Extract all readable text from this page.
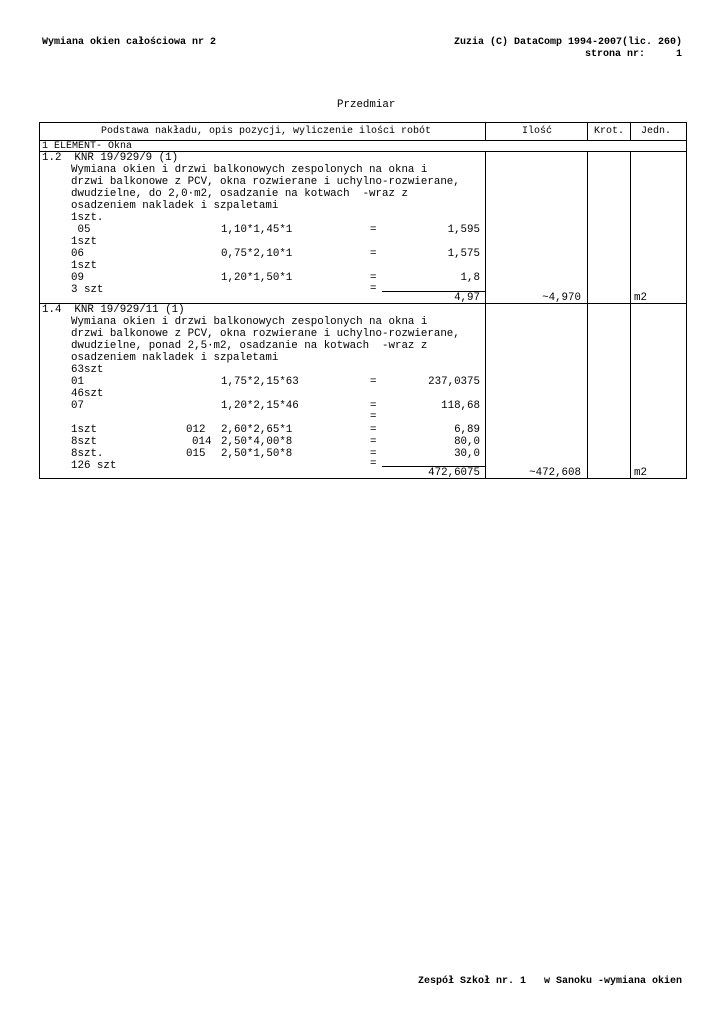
Wymiana okien całościowa nr 2	Zuzia (C) DataComp 1994-2007(lic. 260)
strona nr:	1
Przedmiar
Podstawa nakładu, opis pozycji, wyliczenie ilości robót	Ilość	Krot. Jedn.
1 ELEMENT- Okna
1.2  KNR 19/929/9 (1)
Wymiana okien i drzwi balkonowych zespolonych na okna i
drzwi balkonowe z PCV, okna rozwierane i uchylno-rozwierane,
dwudzielne, do 2,0·m2, osadzanie na kotwach  -wraz z
osadzeniem nakladek i szpaletami
1szt.
05	1,10*1,45*1	=	1,595
1szt
06	0,75*2,10*1	=	1,575
1szt
09	1,20*1,50*1	=	1,8
3 szt	=
4,97	~4,970	m2
1.4  KNR 19/929/11 (1)
Wymiana okien i drzwi balkonowych zespolonych na okna i
drzwi balkonowe z PCV, okna rozwierane i uchylno-rozwierane,
dwudzielne, ponad 2,5·m2, osadzanie na kotwach  -wraz z
osadzeniem nakladek i szpaletami
63szt
01	1,75*2,15*63	=	237,0375
46szt
07	1,20*2,15*46	=	118,68
=
1szt	012 2,60*2,65*1	=	6,89
8szt	014 2,50*4,00*8	=	80,0
8szt.	015 2,50*1,50*8	=	30,0
126 szt	=
472,6075	~472,608	m2
Zespół Szkoł nr. 1   w Sanoku -wymiana okien
